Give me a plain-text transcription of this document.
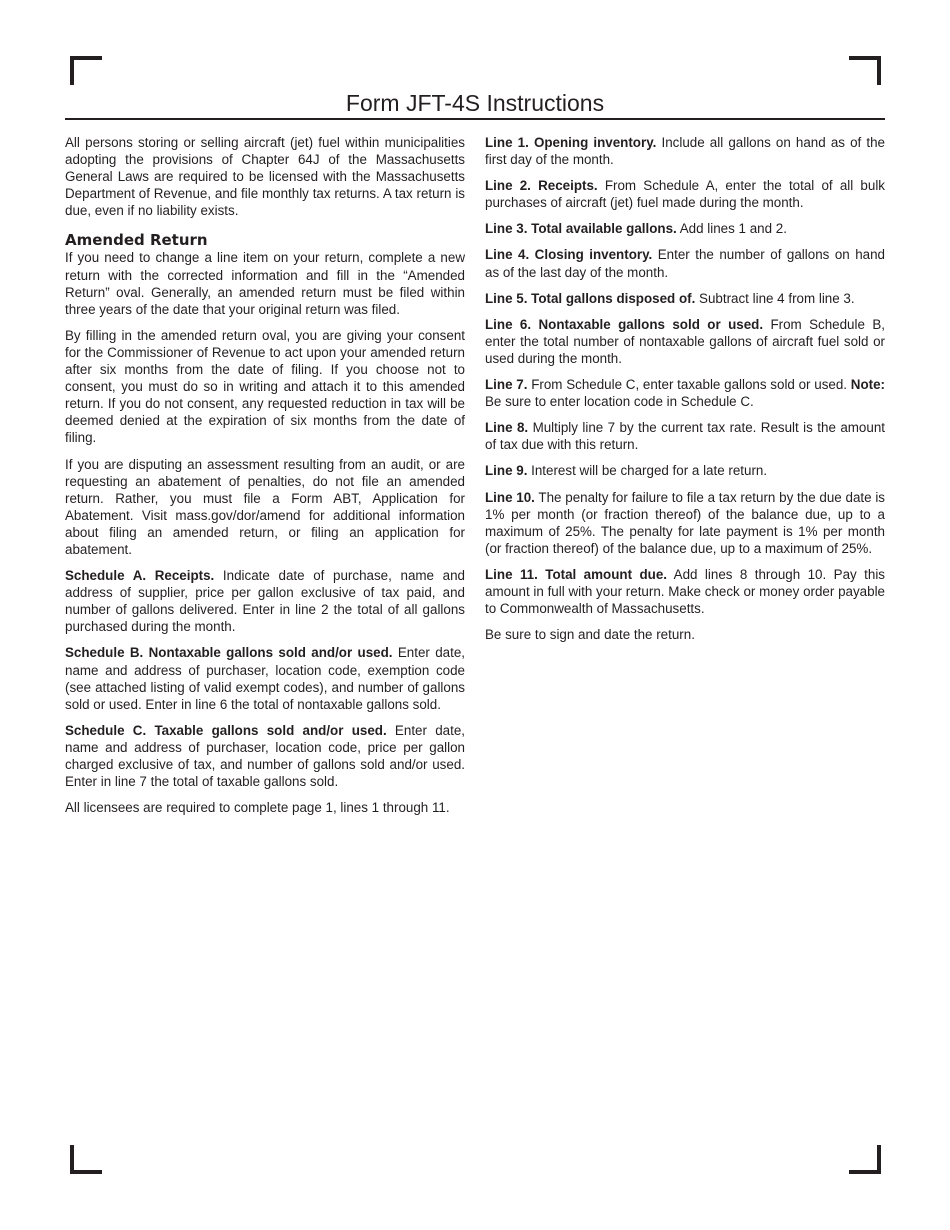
Form JFT-4S Instructions

All persons storing or selling aircraft (jet) fuel within municipalities adopting the provisions of Chapter 64J of the Massachusetts General Laws are required to be licensed with the Massachusetts Department of Revenue, and file monthly tax returns. A tax return is due, even if no liability exists.

Amended Return

If you need to change a line item on your return, complete a new return with the corrected information and fill in the “Amended Return” oval. Generally, an amended return must be filed within three years of the date that your original return was filed.

By filling in the amended return oval, you are giving your consent for the Commissioner of Revenue to act upon your amended return after six months from the date of filing. If you choose not to consent, you must do so in writing and attach it to this amended return. If you do not consent, any requested reduction in tax will be deemed denied at the expiration of six months from the date of filing.

If you are disputing an assessment resulting from an audit, or are requesting an abatement of penalties, do not file an amended return. Rather, you must file a Form ABT, Application for Abatement. Visit mass.gov/dor/amend for additional information about filing an amended return, or filing an application for abatement.

Schedule A. Receipts. Indicate date of purchase, name and address of supplier, price per gallon exclusive of tax paid, and number of gallons delivered. Enter in line 2 the total of all gallons purchased during the month.

Schedule B. Nontaxable gallons sold and/or used. Enter date, name and address of purchaser, location code, exemption code (see attached listing of valid exempt codes), and number of gallons sold or used. Enter in line 6 the total of nontaxable gallons sold.

Schedule C. Taxable gallons sold and/or used. Enter date, name and address of purchaser, location code, price per gallon charged exclusive of tax, and number of gallons sold and/or used. Enter in line 7 the total of taxable gallons sold.

All licensees are required to complete page 1, lines 1 through 11.

Line 1. Opening inventory. Include all gallons on hand as of the first day of the month.

Line 2. Receipts. From Schedule A, enter the total of all bulk purchases of aircraft (jet) fuel made during the month.

Line 3. Total available gallons. Add lines 1 and 2.

Line 4. Closing inventory. Enter the number of gallons on hand as of the last day of the month.

Line 5. Total gallons disposed of. Subtract line 4 from line 3.

Line 6. Nontaxable gallons sold or used. From Schedule B, enter the total number of nontaxable gallons of aircraft fuel sold or used during the month.

Line 7. From Schedule C, enter taxable gallons sold or used. Note: Be sure to enter location code in Schedule C.

Line 8. Multiply line 7 by the current tax rate. Result is the amount of tax due with this return.

Line 9. Interest will be charged for a late return.

Line 10. The penalty for failure to file a tax return by the due date is 1% per month (or fraction thereof) of the balance due, up to a maximum of 25%. The penalty for late payment is 1% per month (or fraction thereof) of the balance due, up to a maximum of 25%.

Line 11. Total amount due. Add lines 8 through 10. Pay this amount in full with your return. Make check or money order payable to Commonwealth of Massachusetts.

Be sure to sign and date the return.
